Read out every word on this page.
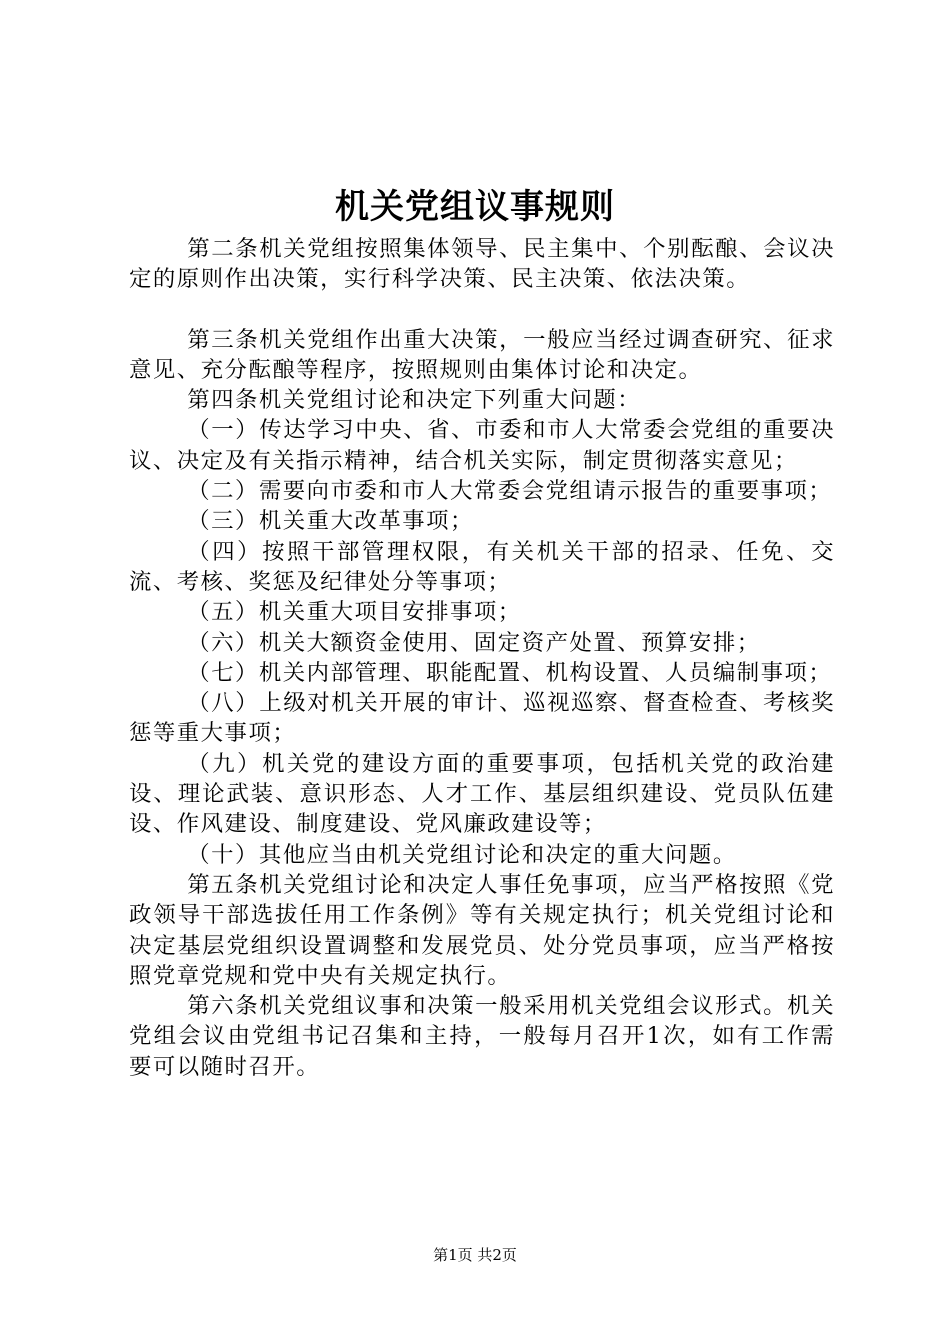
机关党组议事规则

第二条机关党组按照集体领导、民主集中、个别酝酿、会议决定的原则作出决策，实行科学决策、民主决策、依法决策。

第三条机关党组作出重大决策，一般应当经过调查研究、征求意见、充分酝酿等程序，按照规则由集体讨论和决定。

第四条机关党组讨论和决定下列重大问题：

（一）传达学习中央、省、市委和市人大常委会党组的重要决议、决定及有关指示精神，结合机关实际，制定贯彻落实意见；

（二）需要向市委和市人大常委会党组请示报告的重要事项；

（三）机关重大改革事项；

（四）按照干部管理权限，有关机关干部的招录、任免、交流、考核、奖惩及纪律处分等事项；

（五）机关重大项目安排事项；

（六）机关大额资金使用、固定资产处置、预算安排；

（七）机关内部管理、职能配置、机构设置、人员编制事项；

（八）上级对机关开展的审计、巡视巡察、督查检查、考核奖惩等重大事项；

（九）机关党的建设方面的重要事项，包括机关党的政治建设、理论武装、意识形态、人才工作、基层组织建设、党员队伍建设、作风建设、制度建设、党风廉政建设等；

（十）其他应当由机关党组讨论和决定的重大问题。

第五条机关党组讨论和决定人事任免事项，应当严格按照《党政领导干部选拔任用工作条例》等有关规定执行；机关党组讨论和决定基层党组织设置调整和发展党员、处分党员事项，应当严格按照党章党规和党中央有关规定执行。

第六条机关党组议事和决策一般采用机关党组会议形式。机关党组会议由党组书记召集和主持，一般每月召开1次，如有工作需要可以随时召开。

第1页 共2页
